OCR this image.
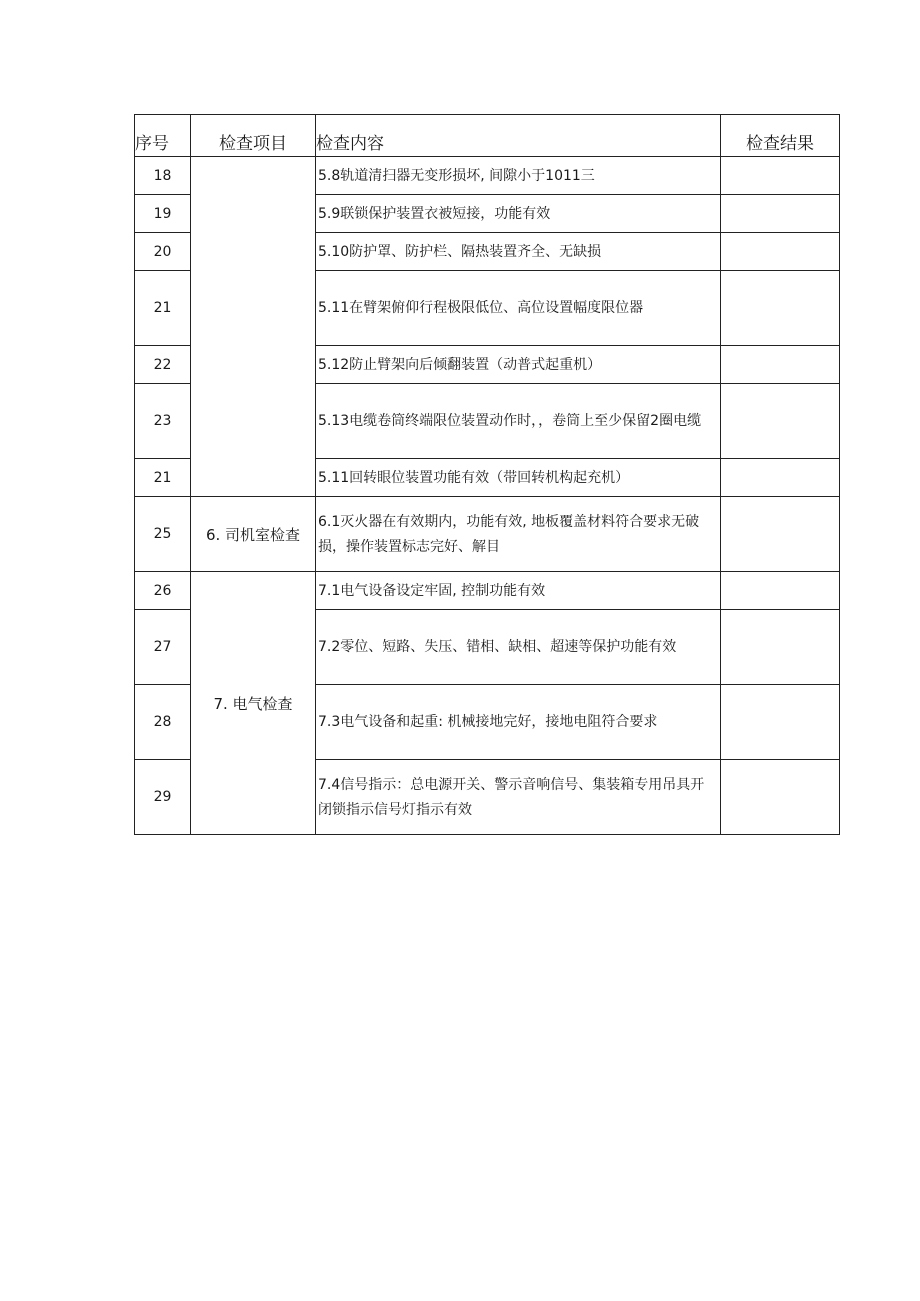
序号	检查项目	检查内容	检查结果
18		5.8轨道清扫器无变形损坏, 间隙小于1011三	
19		5.9联锁保护装置衣被短接，功能有效	
20		5.10防护罩、防护栏、隔热装置齐全、无缺损	
21		5.11在臂架俯仰行程极限低位、高位设置幅度限位器	
22		5.12防止臂架向后倾翻装置（动普式起重机）	
23		5.13电缆卷筒终端限位装置动作时，，卷筒上至少保留2圈电缆	
21		5.11回转眼位装置功能有效（带回转机构起充机）	
25	6. 司机室检查	6.1灭火器在有效期内，功能有效, 地板覆盖材料符合要求无破损，操作装置标志完好、解目	
26	7. 电气检查	7.1电气设备设定牢固, 控制功能有效	
27		7.2零位、短路、失压、错相、缺相、超速等保护功能有效	
28		7.3电气设备和起重: 机械接地完好，接地电阻符合要求	
29		7.4信号指示：总电源开关、警示音响信号、集装箱专用吊具开闭锁指示信号灯指示有效	
